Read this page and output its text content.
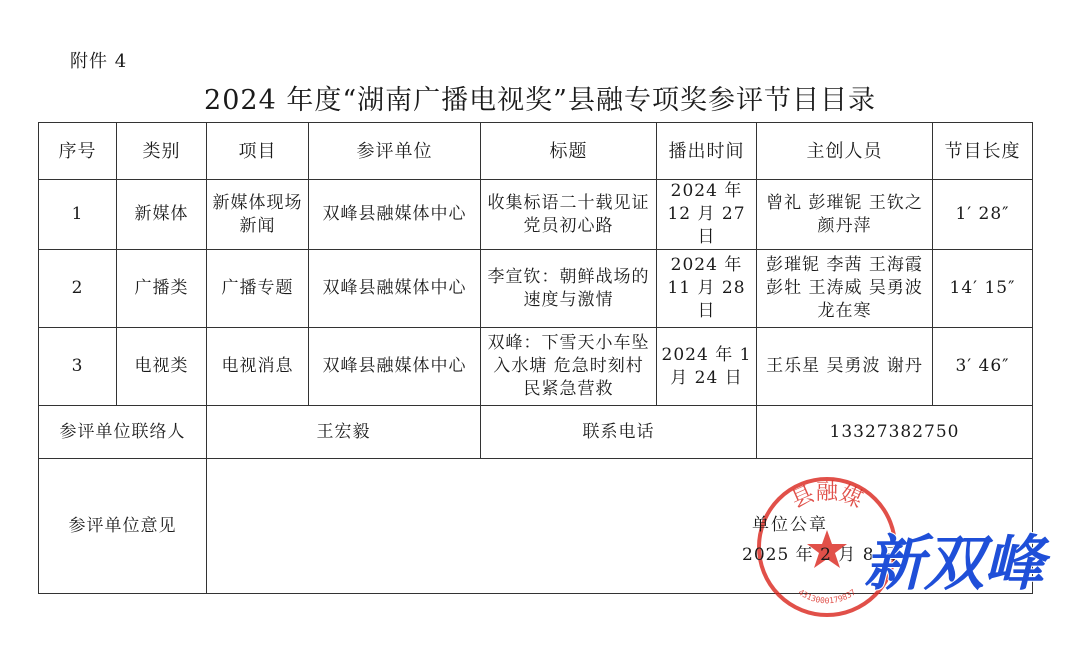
附件 4
2024 年度“湖南广播电视奖”县融专项奖参评节目目录
序号	类别	项目	参评单位	标题	播出时间	主创人员	节目长度
1	新媒体	新媒体现场新闻	双峰县融媒体中心	收集标语二十载见证党员初心路	2024 年 12 月 27 日	曾礼 彭璀铌 王钦之 颜丹萍	1′ 28″
2	广播类	广播专题	双峰县融媒体中心	李宣钦：朝鲜战场的速度与激情	2024 年 11 月 28 日	彭璀铌 李茜 王海霞 彭牡 王涛威 吴勇波 龙在寒	14′ 15″
3	电视类	电视消息	双峰县融媒体中心	双峰：下雪天小车坠入水塘 危急时刻村民紧急营救	2024 年 1 月 24 日	王乐星 吴勇波 谢丹	3′ 46″
参评单位联络人		王宏毅		联系电话		13327382750	
参评单位意见							
县融媒
4313000179837
单位公章
2025 年 2 月 8 日
新双峰
